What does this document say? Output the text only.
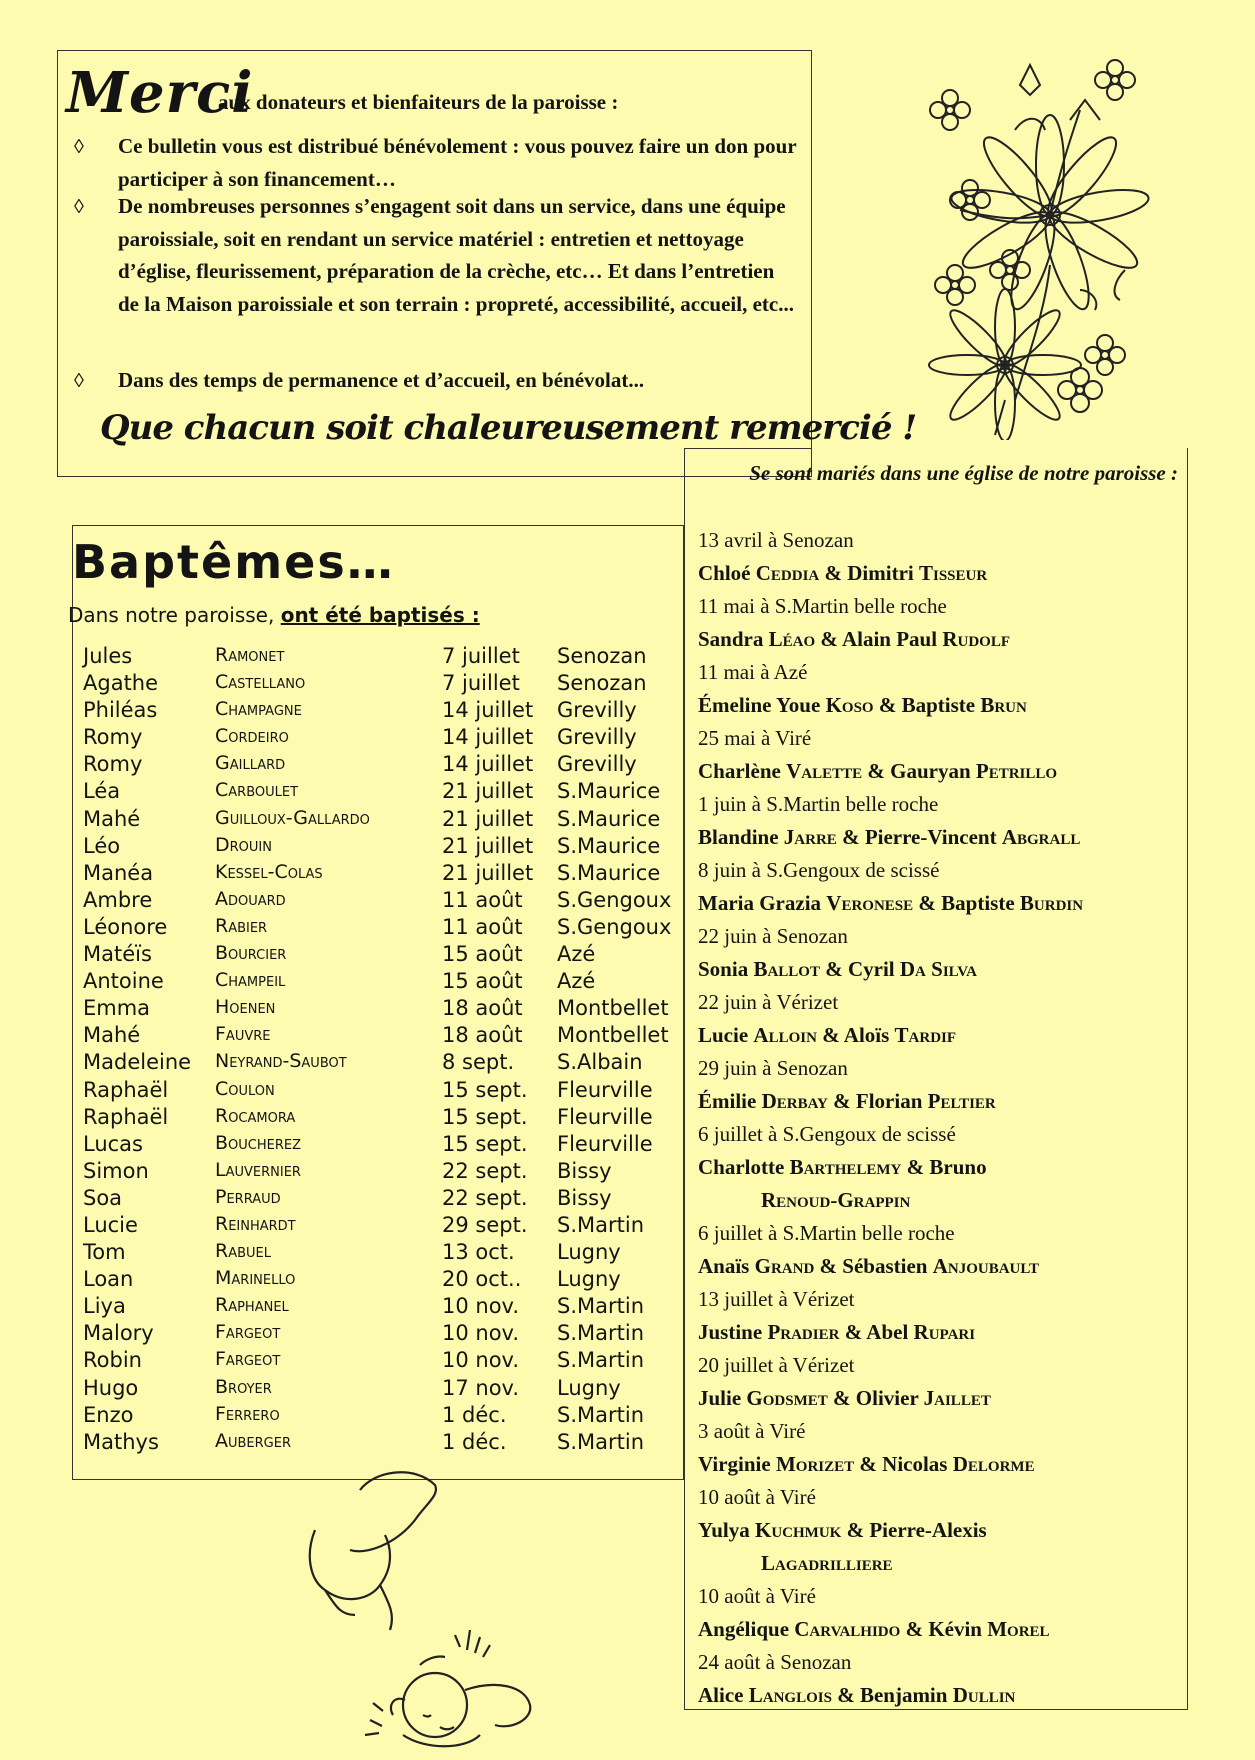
Merci
aux donateurs et bienfaiteurs de la paroisse :
◊ Ce bulletin vous est distribué bénévolement : vous pouvez faire un don pour participer à son financement…
◊ De nombreuses personnes s’engagent soit dans un service, dans une équipe paroissiale, soit en rendant un service matériel : entretien et nettoyage d’église, fleurissement, préparation de la crèche, etc… Et dans l’entretien de la Maison paroissiale et son terrain : propreté, accessibilité, accueil, etc...
◊ Dans des temps de permanence et d’accueil, en bénévolat...
Que chacun soit chaleureusement remercié !
Baptêmes…
Dans notre paroisse, ont été baptisés :
Jules	Ramonet	7 juillet Senozan
Agathe	Castellano	7 juillet Senozan
Philéas	Champagne	14 juillet Grevilly
Romy	Cordeiro	14 juillet Grevilly
Romy	Gaillard	14 juillet Grevilly
Léa	Carboulet	21 juillet S.Maurice
Mahé	Guilloux-Gallardo	21 juillet S.Maurice
Léo	Drouin	21 juillet S.Maurice
Manéa	Kessel-Colas	21 juillet S.Maurice
Ambre	Adouard	11 août S.Gengoux
Léonore	Rabier	11 août S.Gengoux
Matéïs	Bourcier	15 août Azé
Antoine	Champeil	15 août Azé
Emma	Hoenen	18 août Montbellet
Mahé	Fauvre	18 août Montbellet
Madeleine Neyrand-Saubot	8 sept. S.Albain
Raphaël Coulon	15 sept. Fleurville
Raphaël Rocamora	15 sept. Fleurville
Lucas	Boucherez	15 sept. Fleurville
Simon	Lauvernier	22 sept. Bissy
Soa	Perraud	22 sept. Bissy
Lucie	Reinhardt	29 sept. S.Martin
Tom	Rabuel	13 oct. Lugny
Loan	Marinello	20 oct.. Lugny
Liya	Raphanel	10 nov. S.Martin
Malory	Fargeot	10 nov. S.Martin
Robin	Fargeot	10 nov. S.Martin
Hugo	Broyer	17 nov. Lugny
Enzo	Ferrero	1 déc. S.Martin
Mathys	Auberger	1 déc. S.Martin
Se sont mariés dans une église de notre paroisse :
13 avril à Senozan
Chloé Ceddia & Dimitri Tisseur
11 mai à S.Martin belle roche
Sandra Léao & Alain Paul Rudolf
11 mai à Azé
Émeline Youe Koso & Baptiste Brun
25 mai à Viré
Charlène Valette & Gauryan Petrillo
1 juin à S.Martin belle roche
Blandine Jarre & Pierre-Vincent Abgrall
8 juin à S.Gengoux de scissé
Maria Grazia Veronese & Baptiste Burdin
22 juin à Senozan
Sonia Ballot & Cyril Da Silva
22 juin à Vérizet
Lucie Alloin & Aloïs Tardif
29 juin à Senozan
Émilie Derbay & Florian Peltier
6 juillet à S.Gengoux de scissé
Charlotte Barthelemy & Bruno
Renoud-Grappin
6 juillet à S.Martin belle roche
Anaïs Grand & Sébastien Anjoubault
13 juillet à Vérizet
Justine Pradier & Abel Rupari
20 juillet à Vérizet
Julie Godsmet & Olivier Jaillet
3 août à Viré
Virginie Morizet & Nicolas Delorme
10 août à Viré
Yulya Kuchmuk & Pierre-Alexis
Lagadrilliere
10 août à Viré
Angélique Carvalhido & Kévin Morel
24 août à Senozan
Alice Langlois & Benjamin Dullin
